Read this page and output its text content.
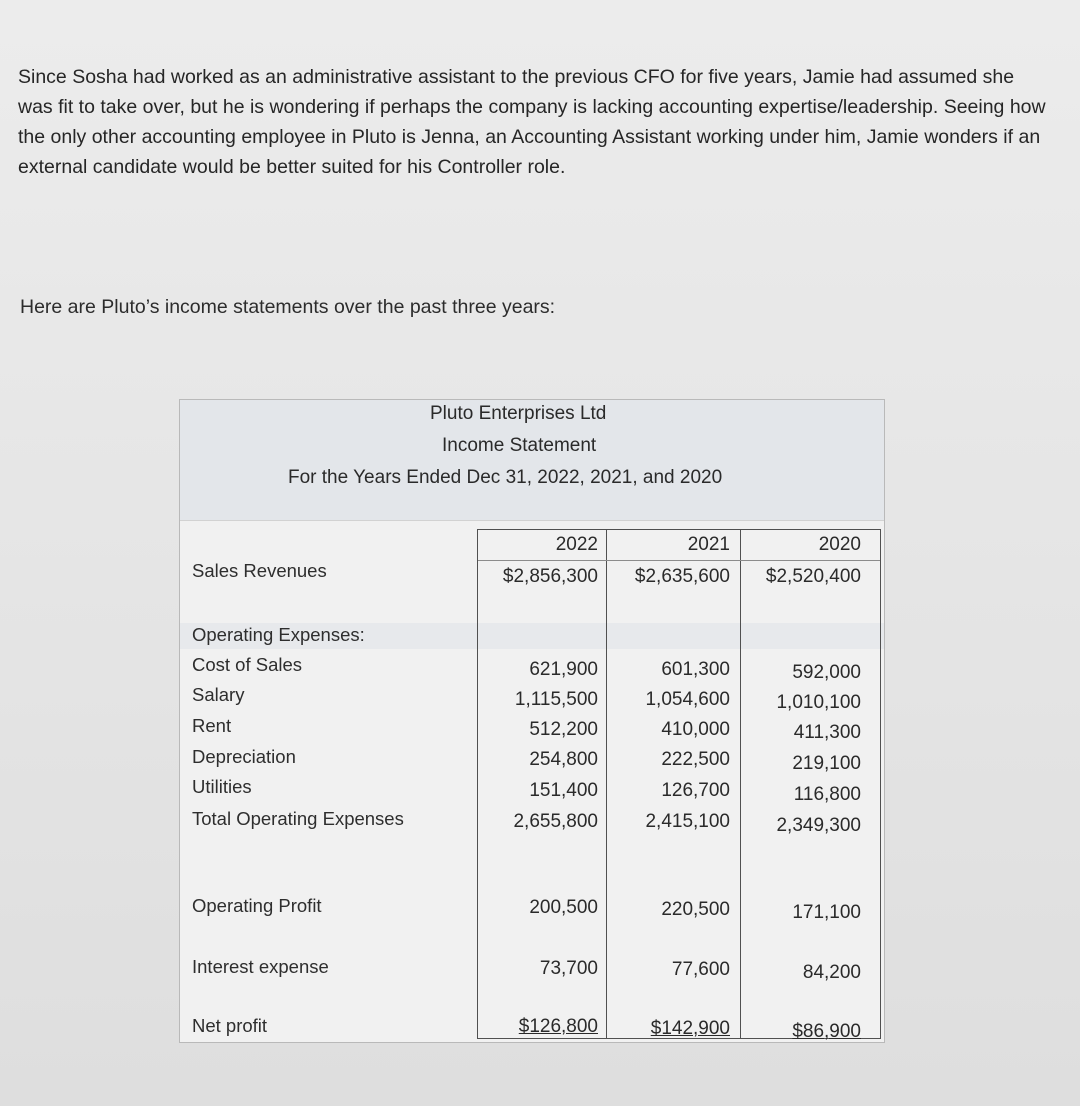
Since Sosha had worked as an administrative assistant to the previous CFO for five years, Jamie had assumed she was fit to take over, but he is wondering if perhaps the company is lacking accounting expertise/leadership. Seeing how the only other accounting employee in Pluto is Jenna, an Accounting Assistant working under him, Jamie wonders if an external candidate would be better suited for his Controller role.

Here are Pluto’s income statements over the past three years:

Pluto Enterprises Ltd

Income Statement

For the Years Ended Dec 31, 2022, 2021, and 2020

2022	2021	2020

Sales Revenues	$2,856,300	$2,635,600	$2,520,400

Operating Expenses:

Cost of Sales	621,900	601,300	592,000

Salary	1,115,500	1,054,600	1,010,100

Rent	512,200	410,000	411,300

Depreciation	254,800	222,500	219,100

Utilities	151,400	126,700	116,800

Total Operating Expenses	2,655,800	2,415,100	2,349,300

Operating Profit	200,500	220,500	171,100

Interest expense	73,700	77,600	84,200

Net profit	$126,800	$142,900	$86,900
